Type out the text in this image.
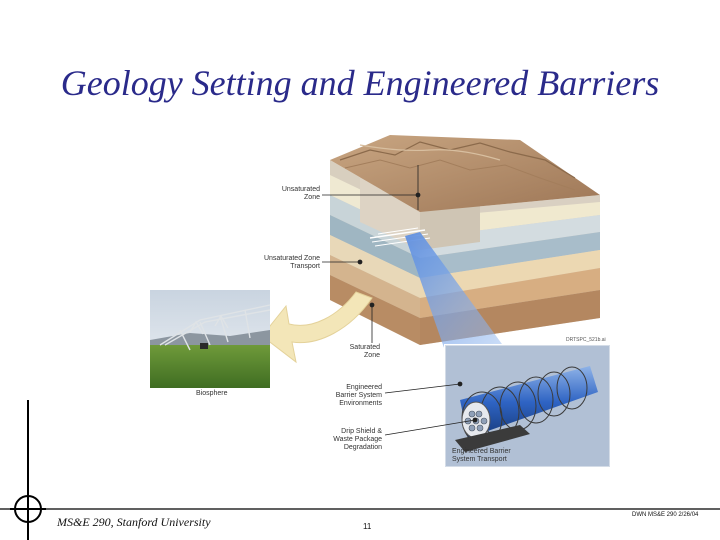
Geology Setting and Engineered Barriers
Unsaturated Zone
Unsaturated Zone Transport
Saturated Zone
Biosphere
Engineered Barrier System Environments
Drip Shield & Waste Package Degradation
Engineered Barrier System Transport
DRTSPC_521b.ai
MS&E 290, Stanford University	11
DWN MS&E 290 2/26/04
